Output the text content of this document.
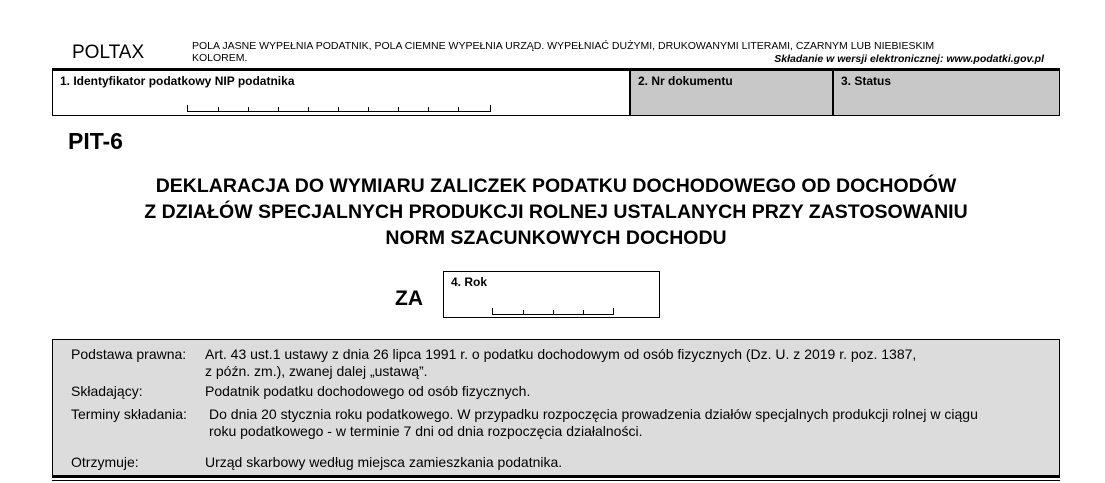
POLTAX	POLA JASNE WYPEŁNIA PODATNIK, POLA CIEMNE WYPEŁNIA URZĄD. WYPEŁNIAĆ DUŻYMI, DRUKOWANYMI LITERAMI, CZARNYM LUB NIEBIESKIM KOLOREM.	Składanie w wersji elektronicznej: www.podatki.gov.pl
1. Identyfikator podatkowy NIP podatnika	2. Nr dokumentu	3. Status
PIT-6
DEKLARACJA DO WYMIARU ZALICZEK PODATKU DOCHODOWEGO OD DOCHODÓW
Z DZIAŁÓW SPECJALNYCH PRODUKCJI ROLNEJ USTALANYCH PRZY ZASTOSOWANIU
NORM SZACUNKOWYCH DOCHODU
ZA
4. Rok
Podstawa prawna: Art. 43 ust.1 ustawy z dnia 26 lipca 1991 r. o podatku dochodowym od osób fizycznych (Dz. U. z 2019 r. poz. 1387,
z późn. zm.), zwanej dalej „ustawą”.
Składający:	Podatnik podatku dochodowego od osób fizycznych.
Terminy składania: Do dnia 20 stycznia roku podatkowego. W przypadku rozpoczęcia prowadzenia działów specjalnych produkcji rolnej w ciągu
roku podatkowego - w terminie 7 dni od dnia rozpoczęcia działalności.
Otrzymuje:	Urząd skarbowy według miejsca zamieszkania podatnika.
